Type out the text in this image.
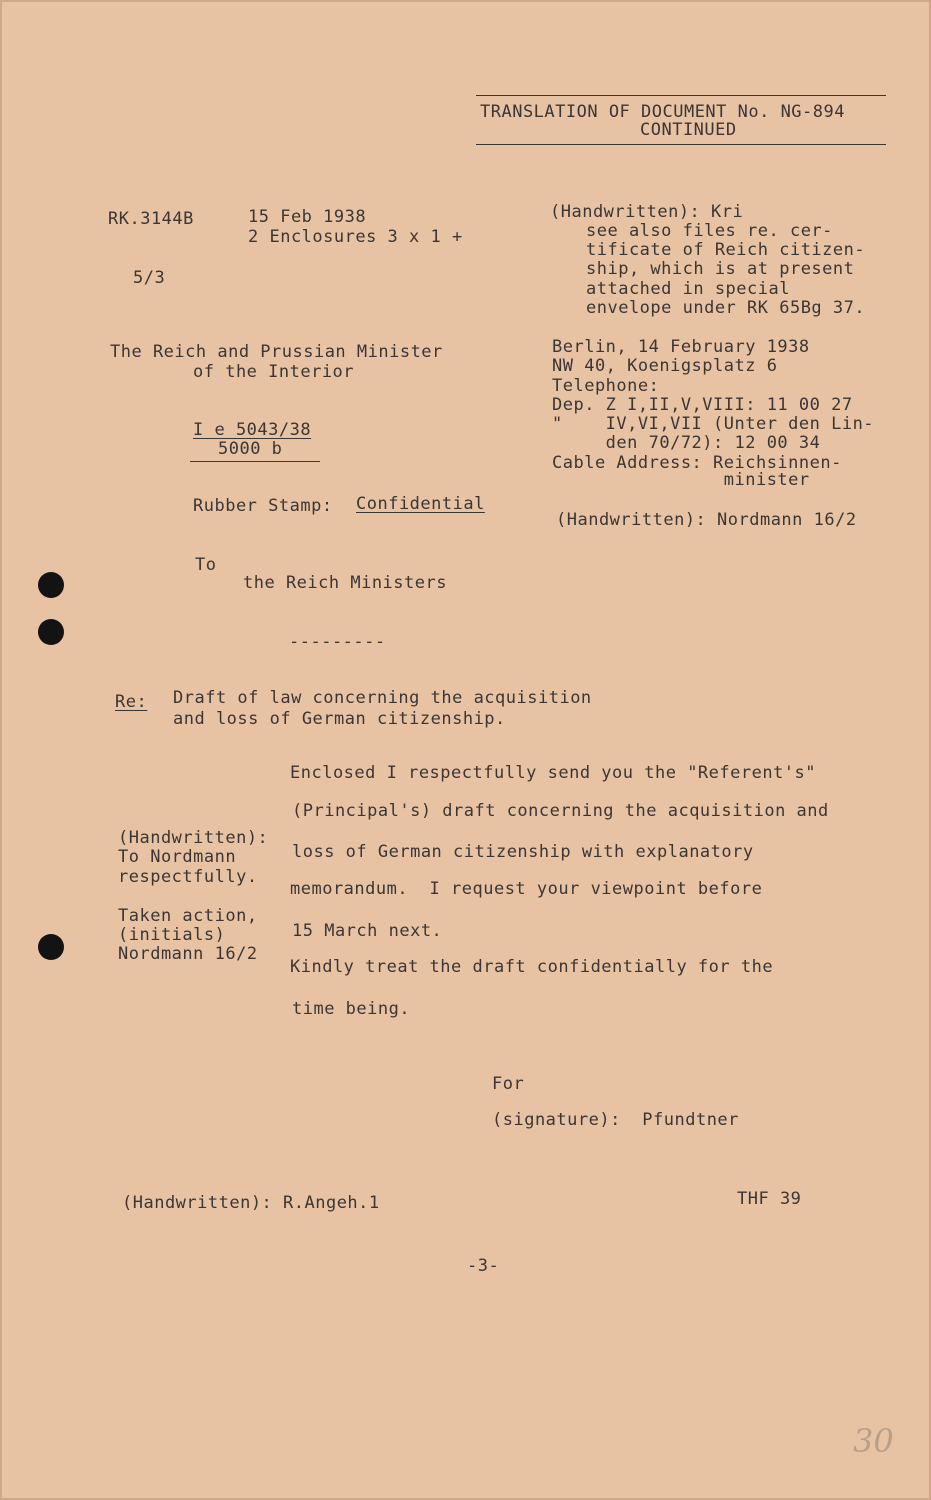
TRANSLATION OF DOCUMENT No. NG-894
CONTINUED
RK.3144B	15 Feb 1938
2 Enclosures 3 x 1 +
5/3
(Handwritten): Kri
see also files re. cer-
tificate of Reich citizen-
ship, which is at present
attached in special
envelope under RK 65Bg 37.
The Reich and Prussian Minister
of the Interior
I e 5043/38
5000 b
Rubber Stamp: Confidential
Berlin, 14 February 1938
NW 40, Koenigsplatz 6
Telephone:
Dep. Z I,II,V,VIII: 11 00 27
"    IV,VI,VII (Unter den Lin-
den 70/72): 12 00 34
Cable Address: Reichsinnen-
minister
(Handwritten): Nordmann 16/2
To
the Reich Ministers
---------
Re: Draft of law concerning the acquisition
and loss of German citizenship.
Enclosed I respectfully send you the "Referent's"
(Principal's) draft concerning the acquisition and
loss of German citizenship with explanatory
memorandum.  I request your viewpoint before
15 March next.
Kindly treat the draft confidentially for the
time being.
(Handwritten):
To Nordmann
respectfully.
Taken action,
(initials)
Nordmann 16/2
For
(signature):  Pfundtner
(Handwritten): R.Angeh.1	THF 39
-3-
30
